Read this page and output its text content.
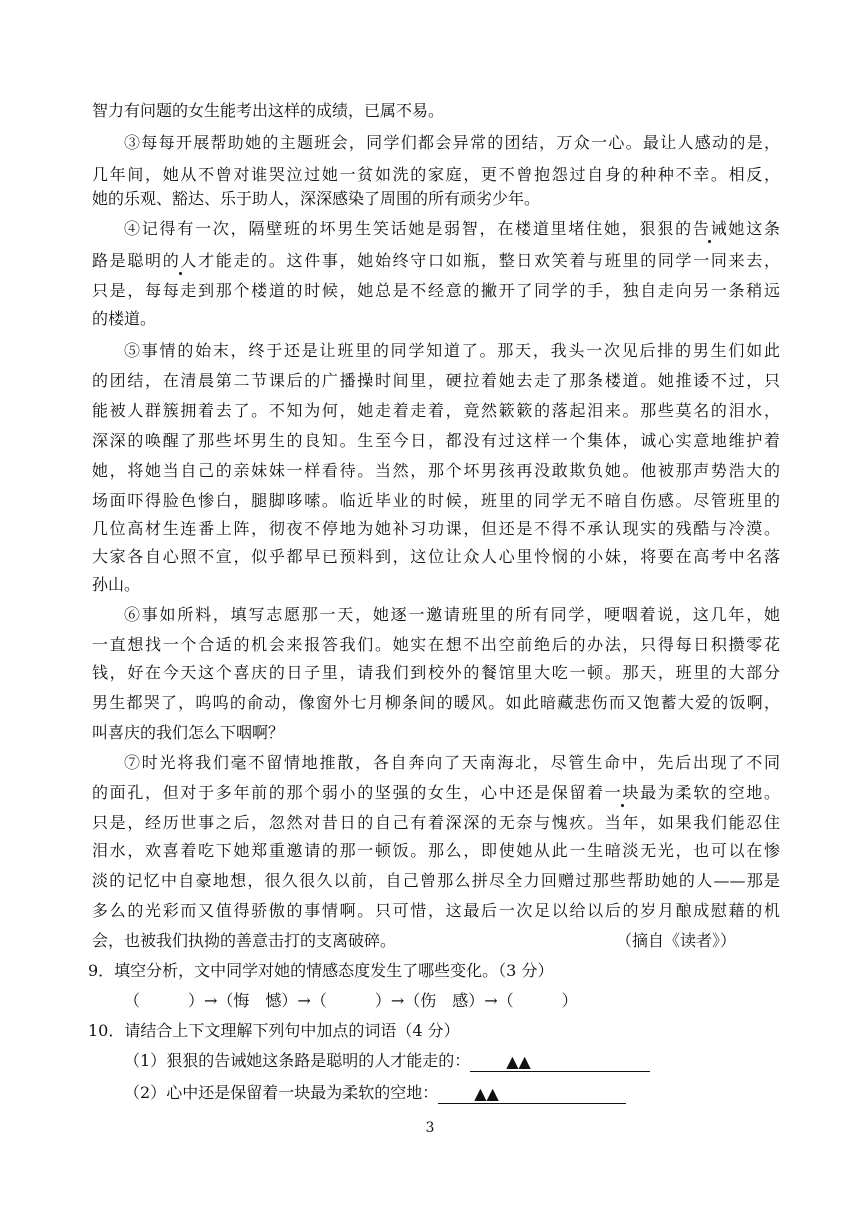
智力有问题的女生能考出这样的成绩，已属不易。
③每每开展帮助她的主题班会，同学们都会异常的团结，万众一心。最让人感动的是，
几年间，她从不曾对谁哭泣过她一贫如洗的家庭，更不曾抱怨过自身的种种不幸。相反，
她的乐观、豁达、乐于助人，深深感染了周围的所有顽劣少年。
④记得有一次，隔壁班的坏男生笑话她是弱智，在楼道里堵住她，狠狠的告诫她这条
路是聪明的人才能走的。这件事，她始终守口如瓶，整日欢笑着与班里的同学一同来去，
只是，每每走到那个楼道的时候，她总是不经意的撇开了同学的手，独自走向另一条稍远
的楼道。
⑤事情的始末，终于还是让班里的同学知道了。那天，我头一次见后排的男生们如此
的团结，在清晨第二节课后的广播操时间里，硬拉着她去走了那条楼道。她推诿不过，只
能被人群簇拥着去了。不知为何，她走着走着，竟然簌簌的落起泪来。那些莫名的泪水，
深深的唤醒了那些坏男生的良知。生至今日，都没有过这样一个集体，诚心实意地维护着
她，将她当自己的亲妹妹一样看待。当然，那个坏男孩再没敢欺负她。他被那声势浩大的
场面吓得脸色惨白，腿脚哆嗦。临近毕业的时候，班里的同学无不暗自伤感。尽管班里的
几位高材生连番上阵，彻夜不停地为她补习功课，但还是不得不承认现实的残酷与冷漠。
大家各自心照不宣，似乎都早已预料到，这位让众人心里怜悯的小妹，将要在高考中名落
孙山。
⑥事如所料，填写志愿那一天，她逐一邀请班里的所有同学，哽咽着说，这几年，她
一直想找一个合适的机会来报答我们。她实在想不出空前绝后的办法，只得每日积攒零花
钱，好在今天这个喜庆的日子里，请我们到校外的餐馆里大吃一顿。那天，班里的大部分
男生都哭了，呜呜的俞动，像窗外七月柳条间的暖风。如此暗藏悲伤而又饱蓄大爱的饭啊，
叫喜庆的我们怎么下咽啊？
⑦时光将我们毫不留情地推散，各自奔向了天南海北，尽管生命中，先后出现了不同
的面孔，但对于多年前的那个弱小的坚强的女生，心中还是保留着一块最为柔软的空地。
只是，经历世事之后，忽然对昔日的自己有着深深的无奈与愧疚。当年，如果我们能忍住
泪水，欢喜着吃下她郑重邀请的那一顿饭。那么，即使她从此一生暗淡无光，也可以在惨
淡的记忆中自豪地想，很久很久以前，自己曾那么拼尽全力回赠过那些帮助她的人——那是
多么的光彩而又值得骄傲的事情啊。只可惜，这最后一次足以给以后的岁月酿成慰藉的机
会，也被我们执拗的善意击打的支离破碎。	（摘自《读者》）
9．填空分析，文中同学对她的情感态度发生了哪些变化。（3 分）
（　　　）→（悔　憾）→（　　　）→（伤　感）→（　　　）
10．请结合上下文理解下列句中加点的词语（4 分）
（1）狠狠的告诫她这条路是聪明的人才能走的： ▲▲
（2）心中还是保留着一块最为柔软的空地： ▲▲
3
